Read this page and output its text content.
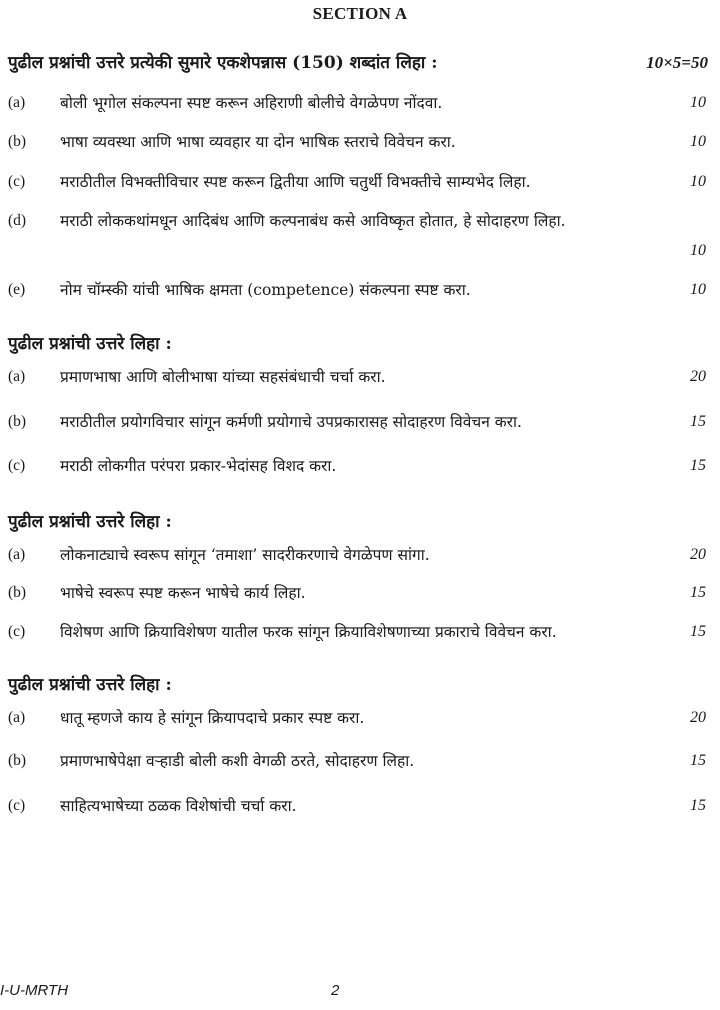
SECTION A
पुढील प्रश्नांची उत्तरे प्रत्येकी सुमारे एकशेपन्नास (150) शब्दांत लिहा :	10×5=50
(a) बोली भूगोल संकल्पना स्पष्ट करून अहिराणी बोलीचे वेगळेपण नोंदवा.	10
(b) भाषा व्यवस्था आणि भाषा व्यवहार या दोन भाषिक स्तराचे विवेचन करा.	10
(c) मराठीतील विभक्तीविचार स्पष्ट करून द्वितीया आणि चतुर्थी विभक्तीचे साम्यभेद लिहा.	10
(d) मराठी लोककथांमधून आदिबंध आणि कल्पनाबंध कसे आविष्कृत होतात, हे सोदाहरण लिहा.
10
(e) नोम चॉम्स्की यांची भाषिक क्षमता (competence) संकल्पना स्पष्ट करा.	10
पुढील प्रश्नांची उत्तरे लिहा :
(a) प्रमाणभाषा आणि बोलीभाषा यांच्या सहसंबंधाची चर्चा करा.	20
(b) मराठीतील प्रयोगविचार सांगून कर्मणी प्रयोगाचे उपप्रकारासह सोदाहरण विवेचन करा.	15
(c) मराठी लोकगीत परंपरा प्रकार-भेदांसह विशद करा.	15
पुढील प्रश्नांची उत्तरे लिहा :
(a) लोकनाट्याचे स्वरूप सांगून ‘तमाशा’ सादरीकरणाचे वेगळेपण सांगा.	20
(b) भाषेचे स्वरूप स्पष्ट करून भाषेचे कार्य लिहा.	15
(c) विशेषण आणि क्रियाविशेषण यातील फरक सांगून क्रियाविशेषणाच्या प्रकाराचे विवेचन करा.	15
पुढील प्रश्नांची उत्तरे लिहा :
(a) धातू म्हणजे काय हे सांगून क्रियापदाचे प्रकार स्पष्ट करा.	20
(b) प्रमाणभाषेपेक्षा वऱ्हाडी बोली कशी वेगळी ठरते, सोदाहरण लिहा.	15
(c) साहित्यभाषेच्या ठळक विशेषांची चर्चा करा.	15
I-U-MRTH	2
